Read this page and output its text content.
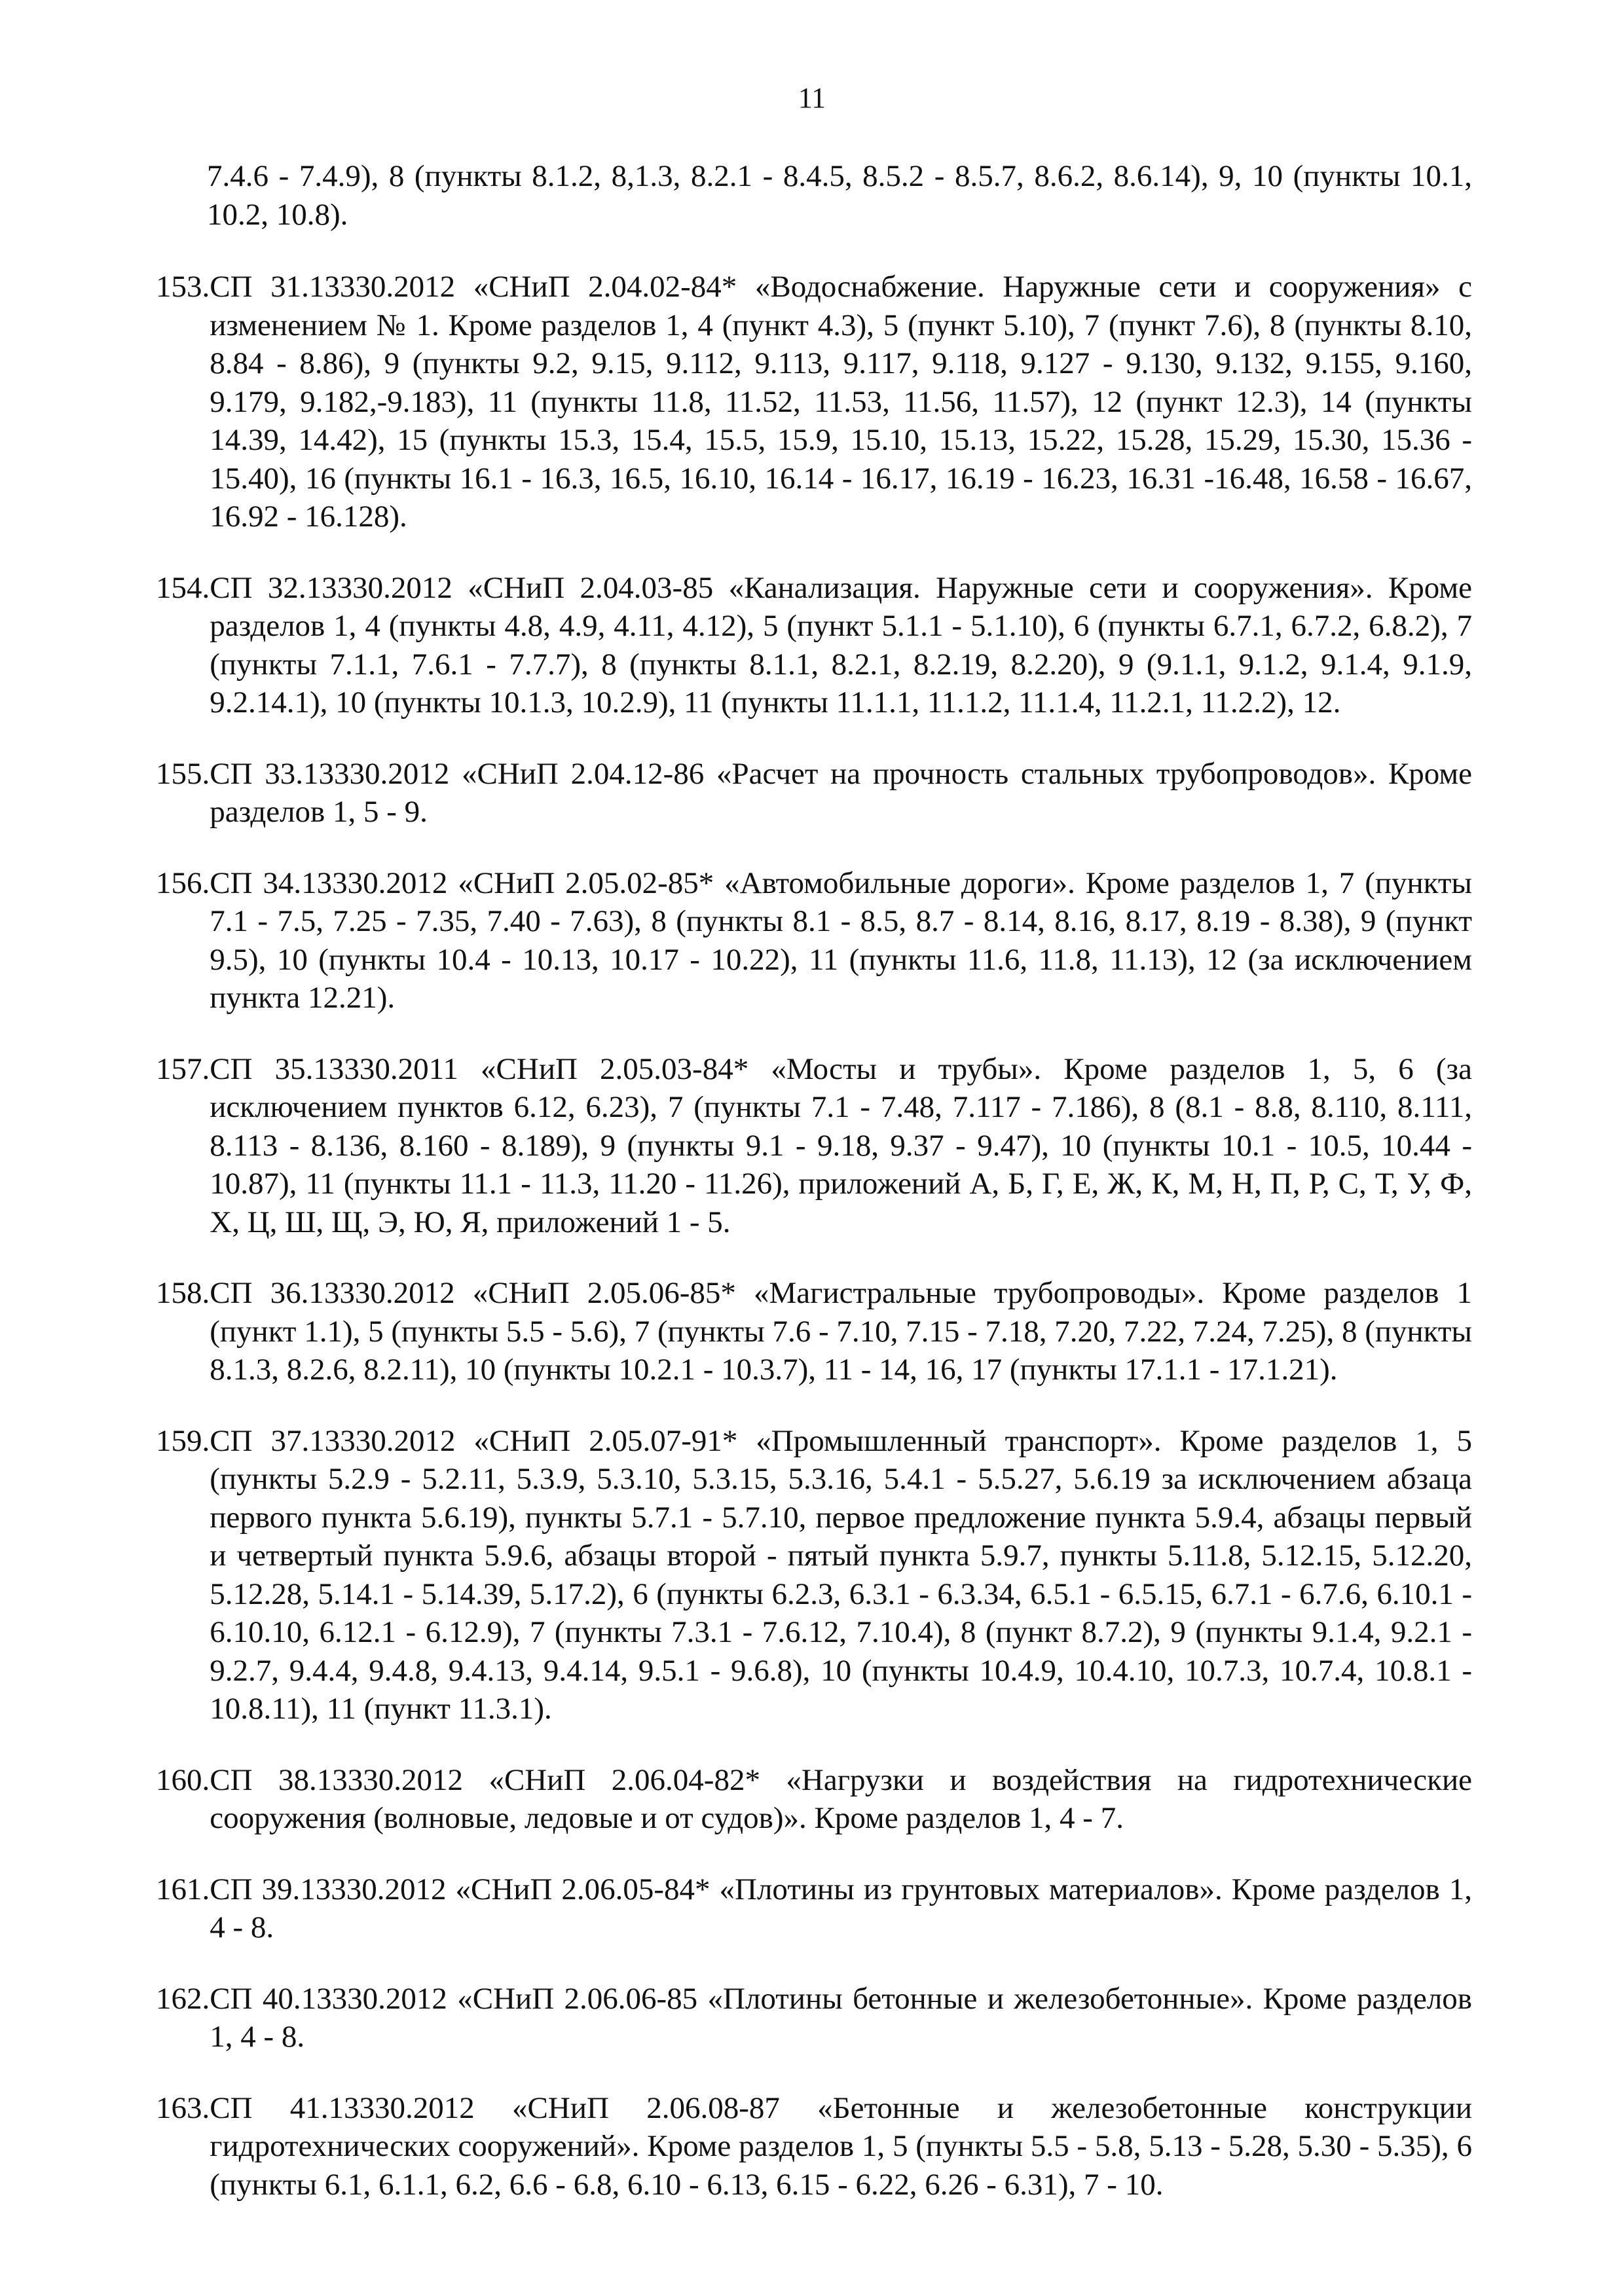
11

7.4.6 - 7.4.9), 8 (пункты 8.1.2, 8,1.3, 8.2.1 - 8.4.5, 8.5.2 - 8.5.7, 8.6.2, 8.6.14), 9, 10 (пункты 10.1, 10.2, 10.8).

153. СП 31.13330.2012 «СНиП 2.04.02-84* «Водоснабжение. Наружные сети и сооружения» с изменением № 1. Кроме разделов 1, 4 (пункт 4.3), 5 (пункт 5.10), 7 (пункт 7.6), 8 (пункты 8.10, 8.84 - 8.86), 9 (пункты 9.2, 9.15, 9.112, 9.113, 9.117, 9.118, 9.127 - 9.130, 9.132, 9.155, 9.160, 9.179, 9.182,-9.183), 11 (пункты 11.8, 11.52, 11.53, 11.56, 11.57), 12 (пункт 12.3), 14 (пункты 14.39, 14.42), 15 (пункты 15.3, 15.4, 15.5, 15.9, 15.10, 15.13, 15.22, 15.28, 15.29, 15.30, 15.36 - 15.40), 16 (пункты 16.1 - 16.3, 16.5, 16.10, 16.14 - 16.17, 16.19 - 16.23, 16.31 -16.48, 16.58 - 16.67, 16.92 - 16.128).
154. СП 32.13330.2012 «СНиП 2.04.03-85 «Канализация. Наружные сети и сооружения». Кроме разделов 1, 4 (пункты 4.8, 4.9, 4.11, 4.12), 5 (пункт 5.1.1 - 5.1.10), 6 (пункты 6.7.1, 6.7.2, 6.8.2), 7 (пункты 7.1.1, 7.6.1 - 7.7.7), 8 (пункты 8.1.1, 8.2.1, 8.2.19, 8.2.20), 9 (9.1.1, 9.1.2, 9.1.4, 9.1.9, 9.2.14.1), 10 (пункты 10.1.3, 10.2.9), 11 (пункты 11.1.1, 11.1.2, 11.1.4, 11.2.1, 11.2.2), 12.
155. СП 33.13330.2012 «СНиП 2.04.12-86 «Расчет на прочность стальных трубопроводов». Кроме разделов 1, 5 - 9.
156. СП 34.13330.2012 «СНиП 2.05.02-85* «Автомобильные дороги». Кроме разделов 1, 7 (пункты 7.1 - 7.5, 7.25 - 7.35, 7.40 - 7.63), 8 (пункты 8.1 - 8.5, 8.7 - 8.14, 8.16, 8.17, 8.19 - 8.38), 9 (пункт 9.5), 10 (пункты 10.4 - 10.13, 10.17 - 10.22), 11 (пункты 11.6, 11.8, 11.13), 12 (за исключением пункта 12.21).
157. СП 35.13330.2011 «СНиП 2.05.03-84* «Мосты и трубы». Кроме разделов 1, 5, 6 (за исключением пунктов 6.12, 6.23), 7 (пункты 7.1 - 7.48, 7.117 - 7.186), 8 (8.1 - 8.8, 8.110, 8.111, 8.113 - 8.136, 8.160 - 8.189), 9 (пункты 9.1 - 9.18, 9.37 - 9.47), 10 (пункты 10.1 - 10.5, 10.44 - 10.87), 11 (пункты 11.1 - 11.3, 11.20 - 11.26), приложений А, Б, Г, Е, Ж, К, М, Н, П, Р, С, Т, У, Ф, Х, Ц, Ш, Щ, Э, Ю, Я, приложений 1 - 5.
158. СП 36.13330.2012 «СНиП 2.05.06-85* «Магистральные трубопроводы». Кроме разделов 1 (пункт 1.1), 5 (пункты 5.5 - 5.6), 7 (пункты 7.6 - 7.10, 7.15 - 7.18, 7.20, 7.22, 7.24, 7.25), 8 (пункты 8.1.3, 8.2.6, 8.2.11), 10 (пункты 10.2.1 - 10.3.7), 11 - 14, 16, 17 (пункты 17.1.1 - 17.1.21).
159. СП 37.13330.2012 «СНиП 2.05.07-91* «Промышленный транспорт». Кроме разделов 1, 5 (пункты 5.2.9 - 5.2.11, 5.3.9, 5.3.10, 5.3.15, 5.3.16, 5.4.1 - 5.5.27, 5.6.19 за исключением абзаца первого пункта 5.6.19), пункты 5.7.1 - 5.7.10, первое предложение пункта 5.9.4, абзацы первый и четвертый пункта 5.9.6, абзацы второй - пятый пункта 5.9.7, пункты 5.11.8, 5.12.15, 5.12.20, 5.12.28, 5.14.1 - 5.14.39, 5.17.2), 6 (пункты 6.2.3, 6.3.1 - 6.3.34, 6.5.1 - 6.5.15, 6.7.1 - 6.7.6, 6.10.1 - 6.10.10, 6.12.1 - 6.12.9), 7 (пункты 7.3.1 - 7.6.12, 7.10.4), 8 (пункт 8.7.2), 9 (пункты 9.1.4, 9.2.1 - 9.2.7, 9.4.4, 9.4.8, 9.4.13, 9.4.14, 9.5.1 - 9.6.8), 10 (пункты 10.4.9, 10.4.10, 10.7.3, 10.7.4, 10.8.1 - 10.8.11), 11 (пункт 11.3.1).
160. СП 38.13330.2012 «СНиП 2.06.04-82* «Нагрузки и воздействия на гидротехнические сооружения (волновые, ледовые и от судов)». Кроме разделов 1, 4 - 7.
161. СП 39.13330.2012 «СНиП 2.06.05-84* «Плотины из грунтовых материалов». Кроме разделов 1, 4 - 8.
162. СП 40.13330.2012 «СНиП 2.06.06-85 «Плотины бетонные и железобетонные». Кроме разделов 1, 4 - 8.
163. СП 41.13330.2012 «СНиП 2.06.08-87 «Бетонные и железобетонные конструкции гидротехнических сооружений». Кроме разделов 1, 5 (пункты 5.5 - 5.8, 5.13 - 5.28, 5.30 - 5.35), 6 (пункты 6.1, 6.1.1, 6.2, 6.6 - 6.8, 6.10 - 6.13, 6.15 - 6.22, 6.26 - 6.31), 7 - 10.
